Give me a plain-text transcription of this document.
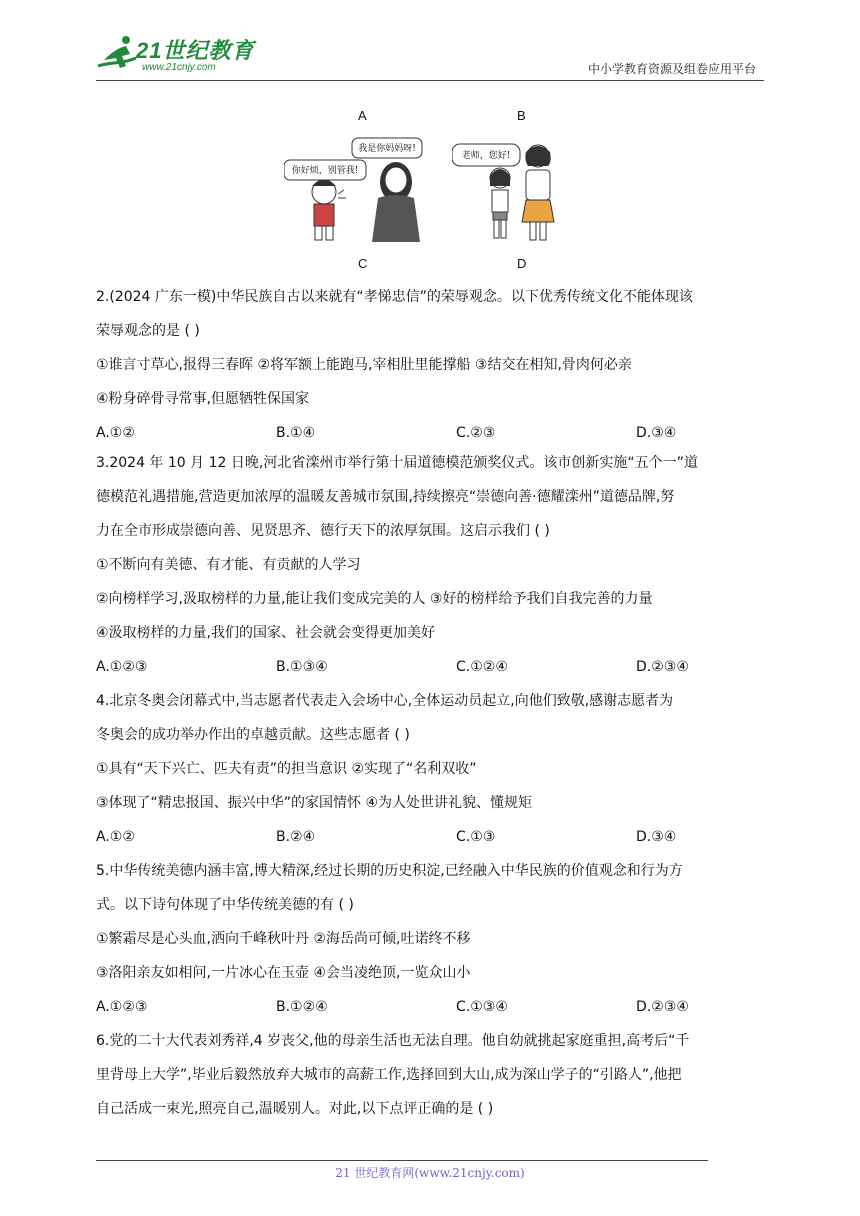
21世纪教育
www.21cnjy.com	中小学教育资源及组卷应用平台
A	B
我是你妈妈呀!
你好烦，别管我!
老师，您好!
C	D
2.(2024 广东一模)中华民族自古以来就有“孝悌忠信”的荣辱观念。以下优秀传统文化不能体现该
荣辱观念的是 ( )
①谁言寸草心,报得三春晖 ②将军额上能跑马,宰相肚里能撑船 ③结交在相知,骨肉何必亲
④粉身碎骨寻常事,但愿牺牲保国家
A.①②	B.①④	C.②③	D.③④
3.2024 年 10 月 12 日晚,河北省滦州市举行第十届道德模范颁奖仪式。该市创新实施“五个一”道
德模范礼遇措施,营造更加浓厚的温暖友善城市氛围,持续擦亮“崇德向善·德耀滦州”道德品牌,努
力在全市形成崇德向善、见贤思齐、德行天下的浓厚氛围。这启示我们 ( )
①不断向有美德、有才能、有贡献的人学习
②向榜样学习,汲取榜样的力量,能让我们变成完美的人 ③好的榜样给予我们自我完善的力量
④汲取榜样的力量,我们的国家、社会就会变得更加美好
A.①②③	B.①③④	C.①②④	D.②③④
4.北京冬奥会闭幕式中,当志愿者代表走入会场中心,全体运动员起立,向他们致敬,感谢志愿者为
冬奥会的成功举办作出的卓越贡献。这些志愿者 ( )
①具有“天下兴亡、匹夫有责”的担当意识 ②实现了“名利双收”
③体现了“精忠报国、振兴中华”的家国情怀 ④为人处世讲礼貌、懂规矩
A.①②	B.②④	C.①③	D.③④
5.中华传统美德内涵丰富,博大精深,经过长期的历史积淀,已经融入中华民族的价值观念和行为方
式。以下诗句体现了中华传统美德的有 ( )
①繁霜尽是心头血,洒向千峰秋叶丹 ②海岳尚可倾,吐诺终不移
③洛阳亲友如相问,一片冰心在玉壶 ④会当凌绝顶,一览众山小
A.①②③	B.①②④	C.①③④	D.②③④
6.党的二十大代表刘秀祥,4 岁丧父,他的母亲生活也无法自理。他自幼就挑起家庭重担,高考后“千
里背母上大学”,毕业后毅然放弃大城市的高薪工作,选择回到大山,成为深山学子的“引路人”,他把
自己活成一束光,照亮自己,温暖别人。对此,以下点评正确的是 ( )
21 世纪教育网(www.21cnjy.com)
